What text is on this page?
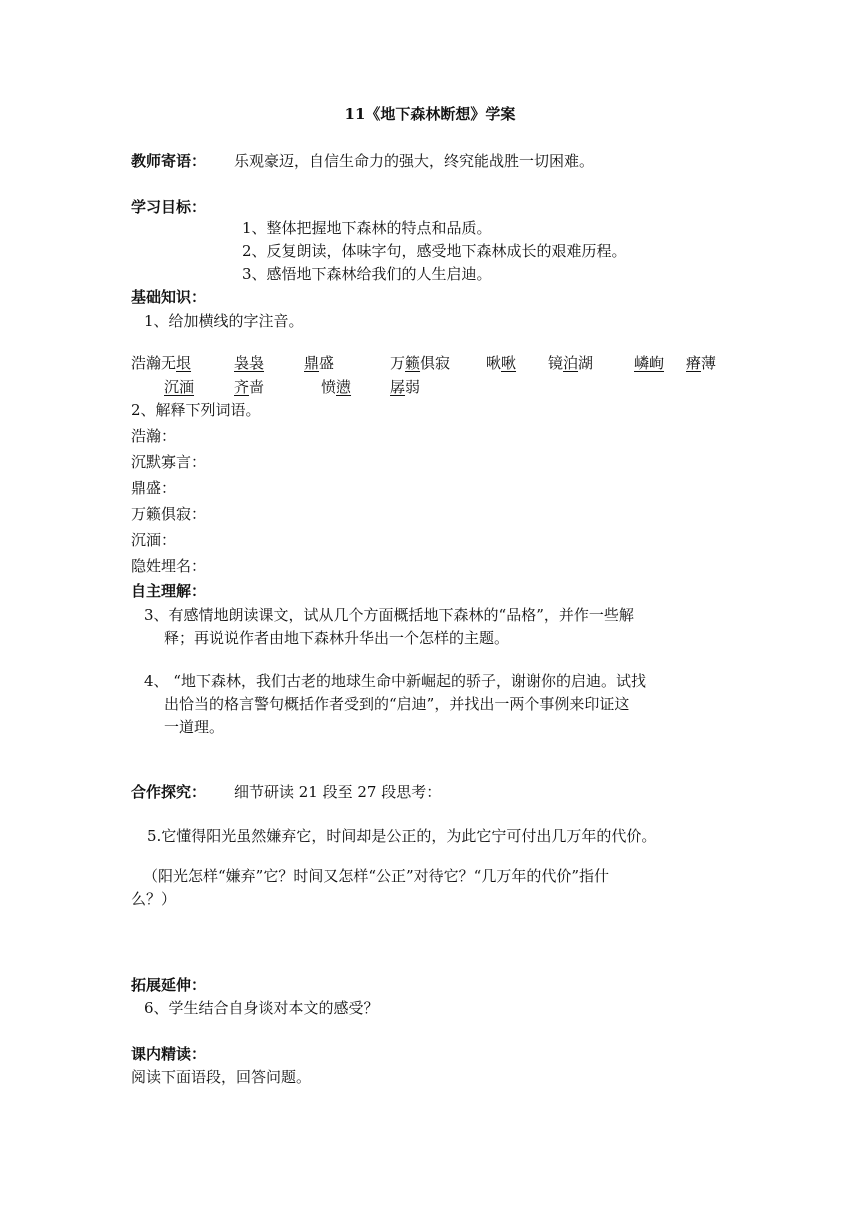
11《地下森林断想》学案
教师寄语： 乐观豪迈，自信生命力的强大，终究能战胜一切困难。
学习目标：
1、整体把握地下森林的特点和品质。
2、反复朗读，体味字句，感受地下森林成长的艰难历程。
3、感悟地下森林给我们的人生启迪。
基础知识：
1、给加横线的字注音。
浩瀚无垠	袅袅	鼎盛	万籁俱寂 啾啾 镜泊湖	嶙峋 瘠薄
沉湎	齐啬	愤懑	孱弱
2、解释下列词语。
浩瀚：
沉默寡言：
鼎盛：
万籁俱寂：
沉湎：
隐姓埋名：
自主理解：
3、有感情地朗读课文，试从几个方面概括地下森林的“品格”，并作一些解
释；再说说作者由地下森林升华出一个怎样的主题。
4、 “地下森林，我们古老的地球生命中新崛起的骄子，谢谢你的启迪。试找
出恰当的格言警句概括作者受到的“启迪”，并找出一两个事例来印证这
一道理。
合作探究： 细节研读 21 段至 27 段思考：
5.它懂得阳光虽然嫌弃它，时间却是公正的，为此它宁可付出几万年的代价。
（阳光怎样“嫌弃”它？时间又怎样“公正”对待它？“几万年的代价”指什
么？）
拓展延伸：
6、学生结合自身谈对本文的感受？
课内精读：
阅读下面语段，回答问题。
